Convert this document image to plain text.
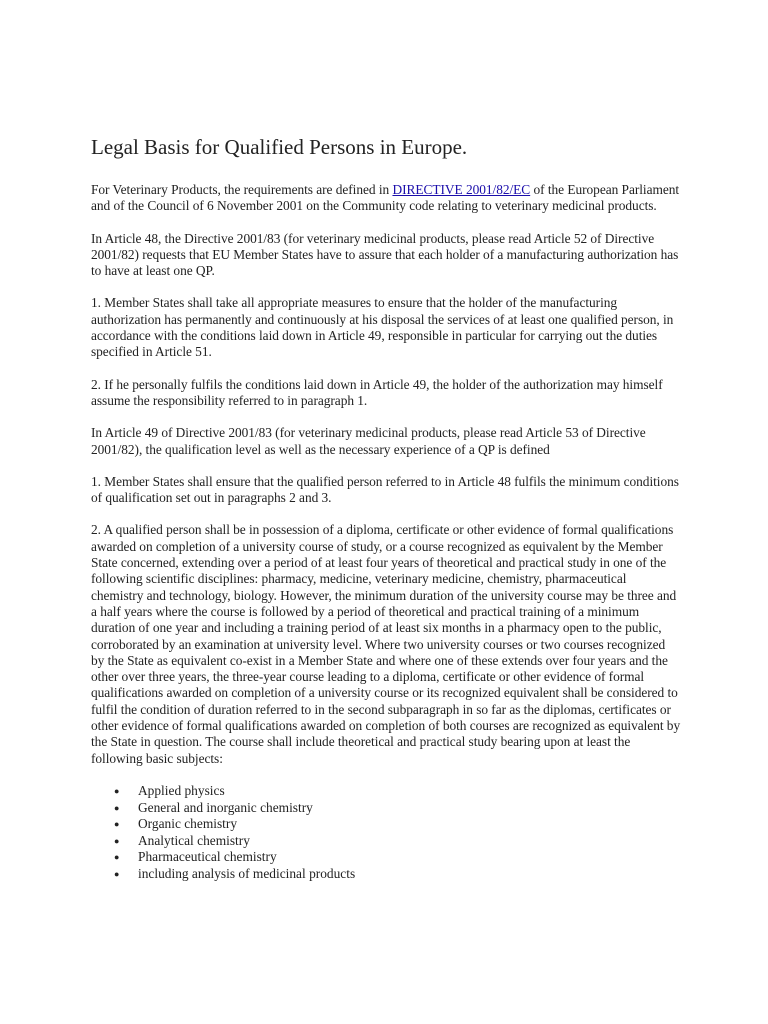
Legal Basis for Qualified Persons in Europe.

For Veterinary Products, the requirements are defined in DIRECTIVE 2001/82/EC of the European Parliament and of the Council of 6 November 2001 on the Community code relating to veterinary medicinal products.

In Article 48, the Directive 2001/83 (for veterinary medicinal products, please read Article 52 of Directive 2001/82) requests that EU Member States have to assure that each holder of a manufacturing authorization has to have at least one QP.

1. Member States shall take all appropriate measures to ensure that the holder of the manufacturing authorization has permanently and continuously at his disposal the services of at least one qualified person, in accordance with the conditions laid down in Article 49, responsible in particular for carrying out the duties specified in Article 51.

2. If he personally fulfils the conditions laid down in Article 49, the holder of the authorization may himself assume the responsibility referred to in paragraph 1.

In Article 49 of Directive 2001/83 (for veterinary medicinal products, please read Article 53 of Directive 2001/82), the qualification level as well as the necessary experience of a QP is defined

1. Member States shall ensure that the qualified person referred to in Article 48 fulfils the minimum conditions of qualification set out in paragraphs 2 and 3.

2. A qualified person shall be in possession of a diploma, certificate or other evidence of formal qualifications awarded on completion of a university course of study, or a course recognized as equivalent by the Member State concerned, extending over a period of at least four years of theoretical and practical study in one of the following scientific disciplines: pharmacy, medicine, veterinary medicine, chemistry, pharmaceutical chemistry and technology, biology. However, the minimum duration of the university course may be three and a half years where the course is followed by a period of theoretical and practical training of a minimum duration of one year and including a training period of at least six months in a pharmacy open to the public, corroborated by an examination at university level. Where two university courses or two courses recognized by the State as equivalent co-exist in a Member State and where one of these extends over four years and the other over three years, the three-year course leading to a diploma, certificate or other evidence of formal qualifications awarded on completion of a university course or its recognized equivalent shall be considered to fulfil the condition of duration referred to in the second subparagraph in so far as the diplomas, certificates or other evidence of formal qualifications awarded on completion of both courses are recognized as equivalent by the State in question. The course shall include theoretical and practical study bearing upon at least the following basic subjects:

● Applied physics
● General and inorganic chemistry
● Organic chemistry
● Analytical chemistry
● Pharmaceutical chemistry
● including analysis of medicinal products
